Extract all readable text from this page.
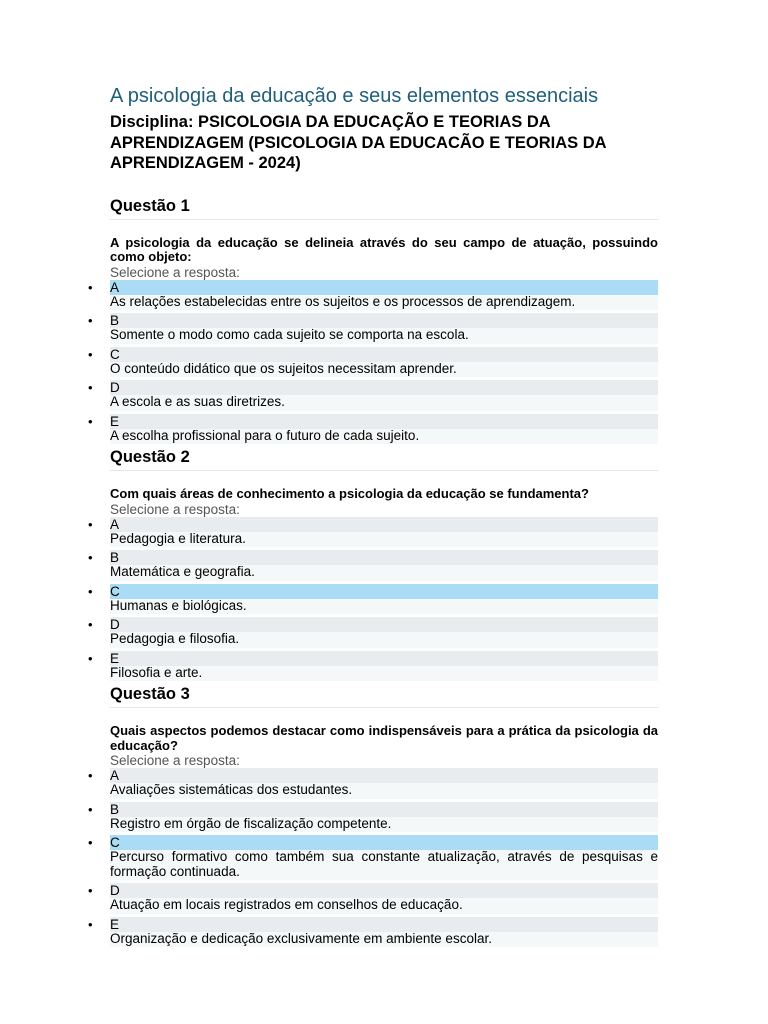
A psicologia da educação e seus elementos essenciais
Disciplina: PSICOLOGIA DA EDUCAÇÃO E TEORIAS DA APRENDIZAGEM (PSICOLOGIA DA EDUCACÃO E TEORIAS DA APRENDIZAGEM - 2024)
Questão 1

A psicologia da educação se delineia através do seu campo de atuação, possuindo como objeto:

Selecione a resposta:

• A
As relações estabelecidas entre os sujeitos e os processos de aprendizagem.
• B
Somente o modo como cada sujeito se comporta na escola.
• C
O conteúdo didático que os sujeitos necessitam aprender.
• D
A escola e as suas diretrizes.
• E
A escolha profissional para o futuro de cada sujeito.
Questão 2

Com quais áreas de conhecimento a psicologia da educação se fundamenta?

Selecione a resposta:

• A
Pedagogia e literatura.
• B
Matemática e geografia.
• C
Humanas e biológicas.
• D
Pedagogia e filosofia.
• E
Filosofia e arte.
Questão 3

Quais aspectos podemos destacar como indispensáveis para a prática da psicologia da educação?

Selecione a resposta:

• A
Avaliações sistemáticas dos estudantes.
• B
Registro em órgão de fiscalização competente.
• C
Percurso formativo como também sua constante atualização, através de pesquisas e formação continuada.
• D
Atuação em locais registrados em conselhos de educação.
• E
Organização e dedicação exclusivamente em ambiente escolar.
